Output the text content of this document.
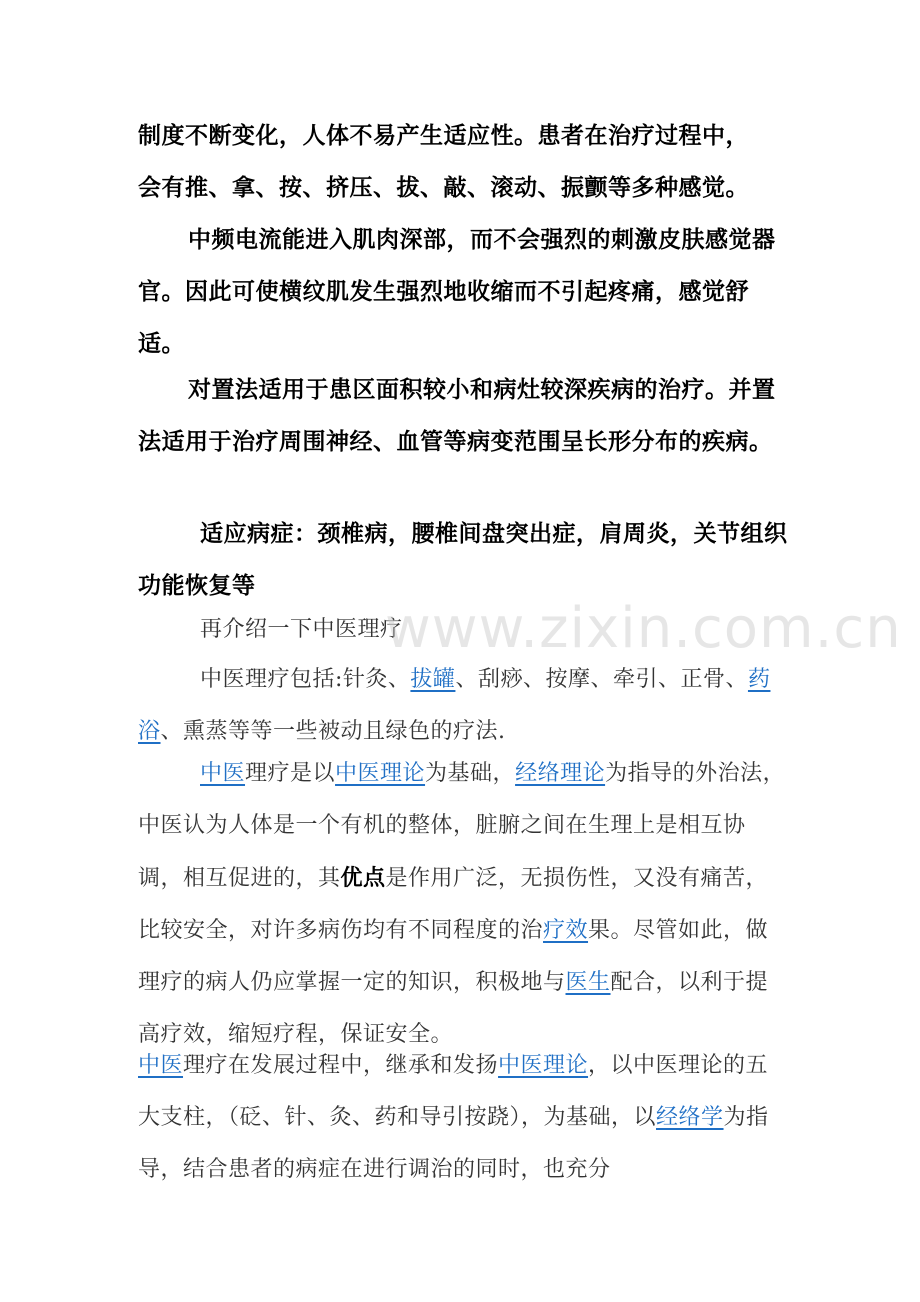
制度不断变化，人体不易产生适应性。患者在治疗过程中，
会有推、拿、按、挤压、拔、敲、滚动、振颤等多种感觉。

中频电流能进入肌肉深部，而不会强烈的刺激皮肤感觉器官。因此可使横纹肌发生强烈地收缩而不引起疼痛，感觉舒适。

对置法适用于患区面积较小和病灶较深疾病的治疗。并置法适用于治疗周围神经、血管等病变范围呈长形分布的疾病。

适应病症：颈椎病，腰椎间盘突出症，肩周炎，关节组织功能恢复等

再介绍一下中医理疗

中医理疗包括:针灸、拔罐、刮痧、按摩、牵引、正骨、药浴、熏蒸等等一些被动且绿色的疗法.

中医理疗是以中医理论为基础，经络理论为指导的外治法，中医认为人体是一个有机的整体，脏腑之间在生理上是相互协调，相互促进的，其优点是作用广泛，无损伤性，又没有痛苦，比较安全，对许多病伤均有不同程度的治疗效果。尽管如此，做理疗的病人仍应掌握一定的知识，积极地与医生配合，以利于提高疗效，缩短疗程，保证安全。

中医理疗在发展过程中，继承和发扬中医理论，以中医理论的五大支柱，（砭、针、灸、药和导引按跷），为基础，以经络学为指导，结合患者的病症在进行调治的同时，也充分

www.zixin.com.cn
